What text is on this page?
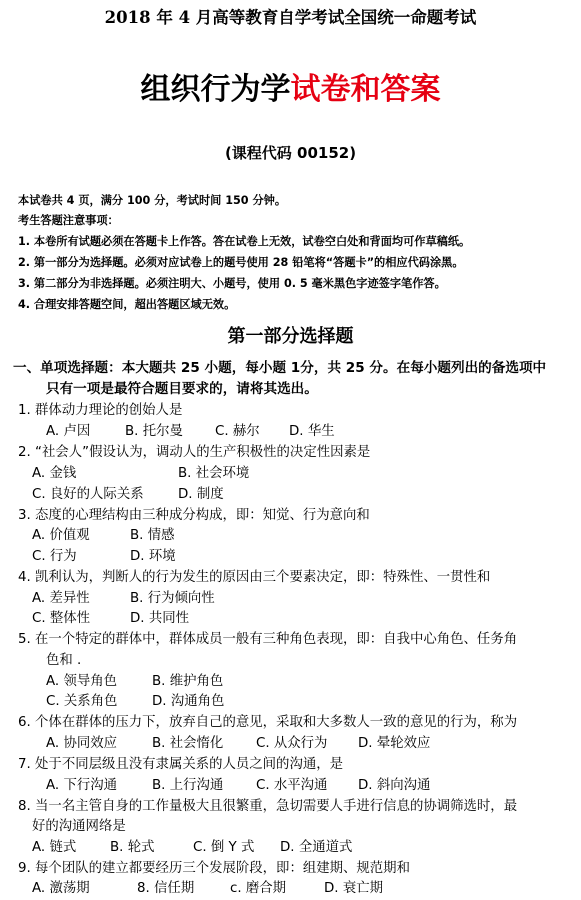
2018 年 4 月高等教育自学考试全国统一命题考试
组织行为学试卷和答案
(课程代码 00152)
本试卷共 4 页，满分 100 分，考试时间 150 分钟。
考生答题注意事项：
1. 本卷所有试题必须在答题卡上作答。答在试卷上无效，试卷空白处和背面均可作草稿纸。
2. 第一部分为选择题。必须对应试卷上的题号使用 28 铅笔将“答题卡”的相应代码涂黑。
3. 第二部分为非选择题。必须注明大、小题号，使用 0. 5 毫米黑色字迹签字笔作答。
4. 合理安排答题空间，超出答题区域无效。
第一部分选择题
一、单项选择题：本大题共 25 小题，每小题 1分，共 25 分。在每小题列出的备选项中
只有一项是最符合题目要求的，请将其选出。
1. 群体动力理论的创始人是
A. 卢因	B. 托尔曼 C. 赫尔 D. 华生
2. “社会人”假设认为，调动人的生产积极性的决定性因素是
A. 金钱	B. 社会环境
C. 良好的人际关系	D. 制度
3. 态度的心理结构由三种成分构成，即：知觉、行为意向和
A. 价值观	B. 情感
C. 行为	D. 环境
4. 凯利认为，判断人的行为发生的原因由三个要素决定，即：特殊性、一贯性和
A. 差异性	B. 行为倾向性
C. 整体性	D. 共同性
5. 在一个特定的群体中，群体成员一般有三种角色表现，即：自我中心角色、任务角
色和 .
A. 领导角色	B. 维护角色
C. 关系角色	D. 沟通角色
6. 个体在群体的压力下，放弃自己的意见，采取和大多数人一致的意见的行为，称为
A. 协同效应	B. 社会惰化 C. 从众行为 D. 晕轮效应
7. 处于不同层级且没有隶属关系的人员之间的沟通，是
A. 下行沟通	B. 上行沟通 C. 水平沟通 D. 斜向沟通
8. 当一名主管自身的工作量极大且很繁重，急切需要人手进行信息的协调筛选时，最
好的沟通网络是
A. 链式	B. 轮式	C. 倒 Y 式 D. 全通道式
9. 每个团队的建立都要经历三个发展阶段，即：组建期、规范期和
A. 激荡期	8. 信任期	c. 磨合期	D. 衰亡期
